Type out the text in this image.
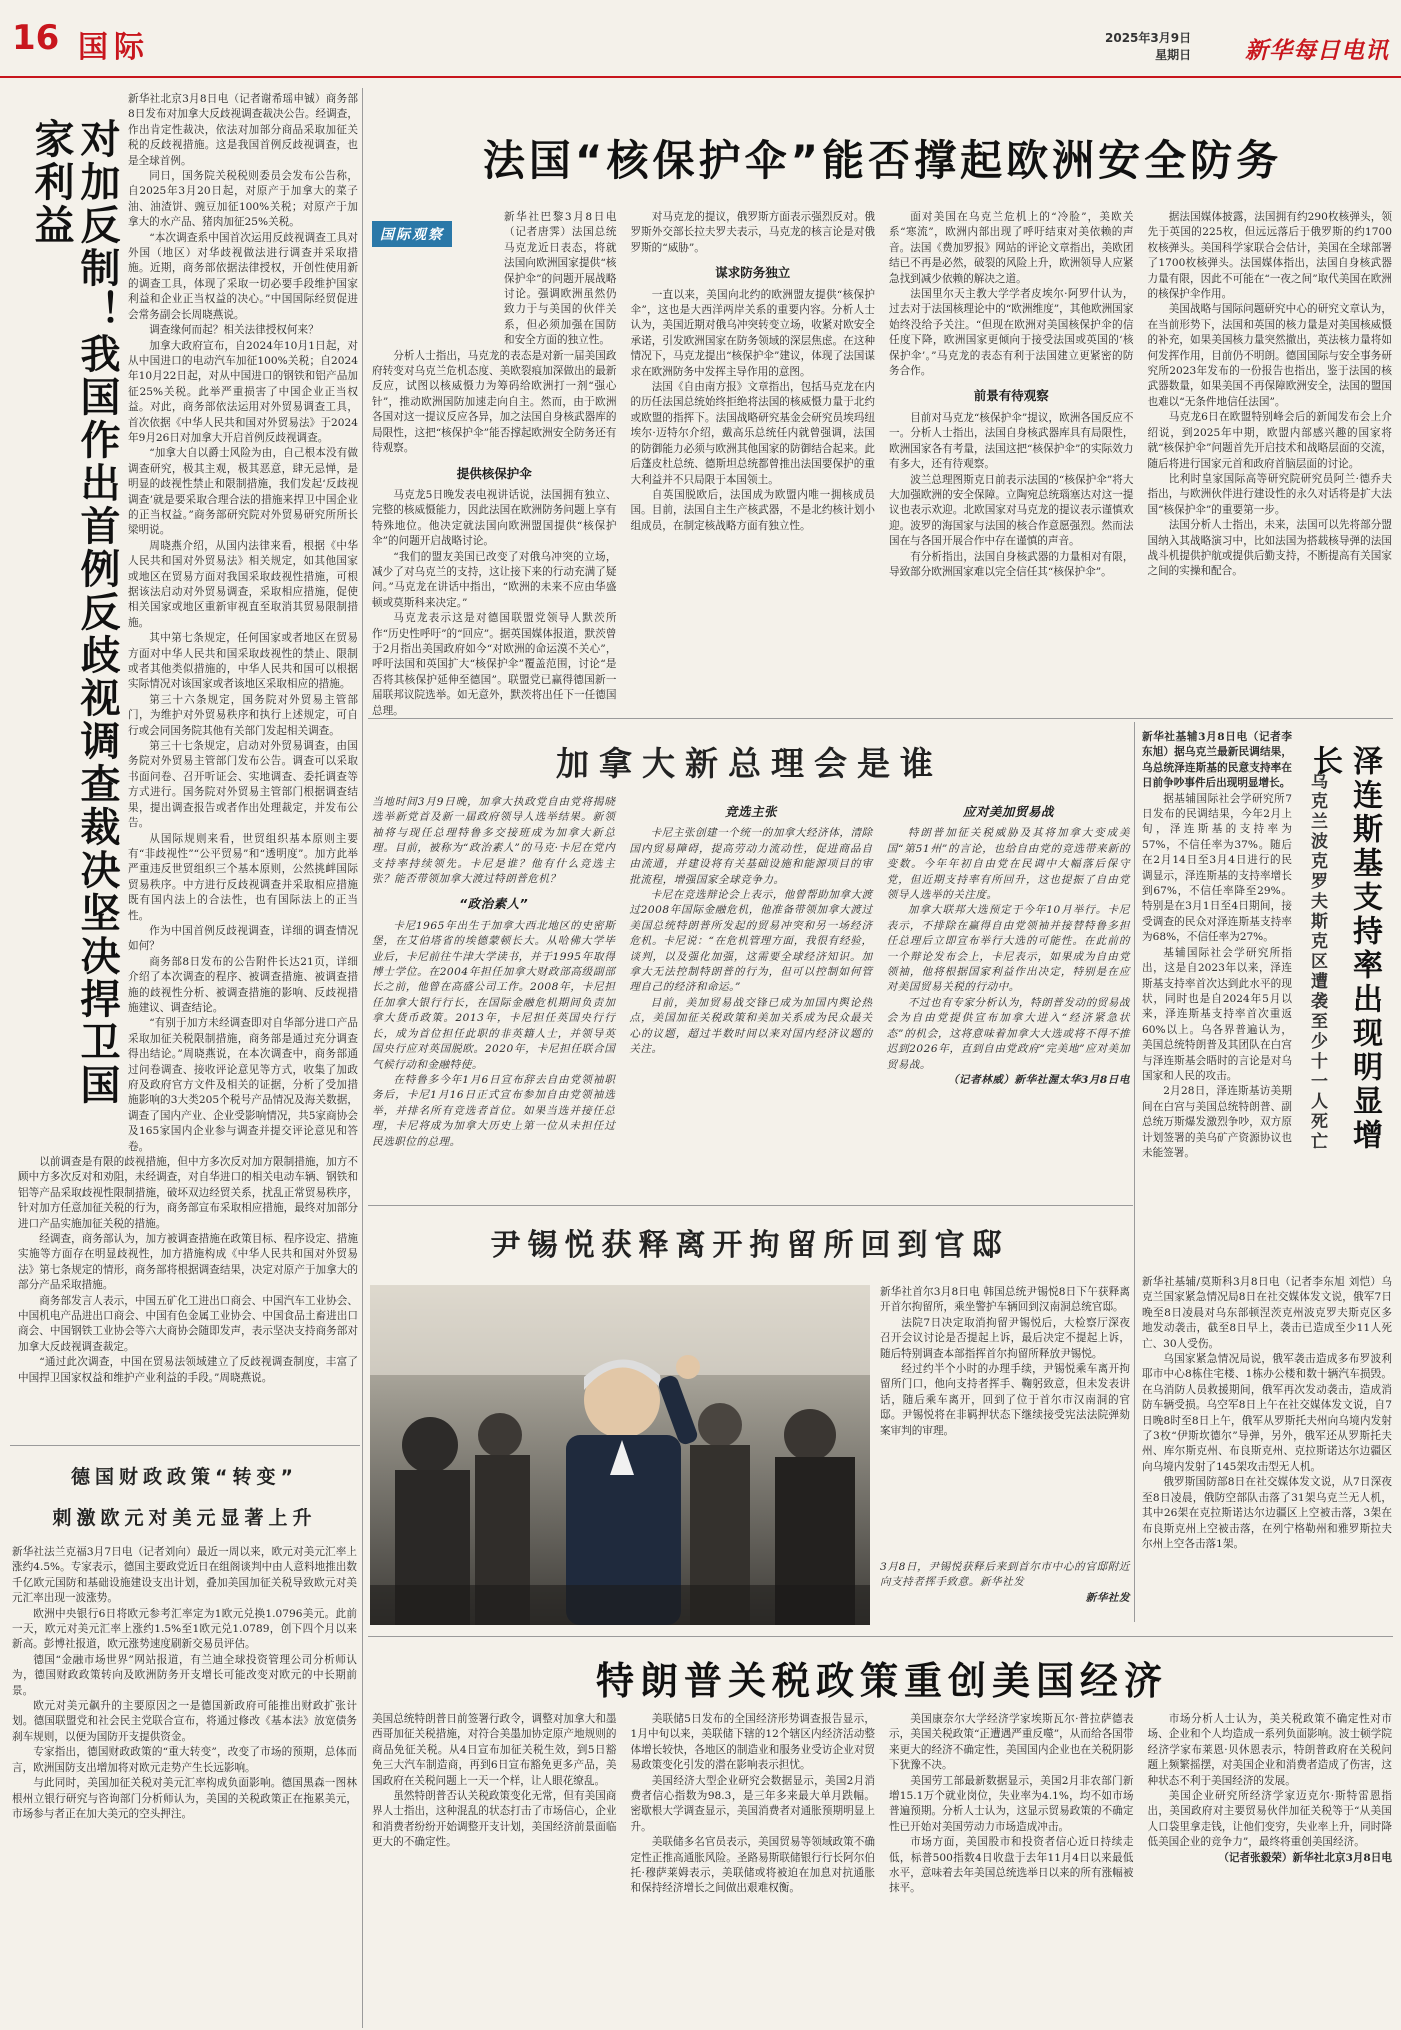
16 国际	2025年3月9日
星期日 新华每日电讯
对加反制！我国作出首例反歧视调查裁决坚决捍卫国家利益

新华社北京3月8日电（记者谢希瑶申铖）商务部8日发布对加拿大反歧视调查裁决公告。经调查，作出肯定性裁决，依法对加部分商品采取加征关税的反歧视措施。这是我国首例反歧视调查，也是全球首例。

同日，国务院关税税则委员会发布公告称，自2025年3月20日起，对原产于加拿大的菜子油、油渣饼、豌豆加征100%关税；对原产于加拿大的水产品、猪肉加征25%关税。

“本次调查系中国首次运用反歧视调查工具对外国（地区）对华歧视做法进行调查并采取措施。近期，商务部依据法律授权，开创性使用新的调查工具，体现了采取一切必要手段维护国家利益和企业正当权益的决心。”中国国际经贸促进会常务副会长周晓燕说。

调查缘何而起？相关法律授权何来？

加拿大政府宣布，自2024年10月1日起，对从中国进口的电动汽车加征100%关税；自2024年10月22日起，对从中国进口的钢铁和铝产品加征25%关税。此举严重损害了中国企业正当权益。对此，商务部依法运用对外贸易调查工具，首次依据《中华人民共和国对外贸易法》于2024年9月26日对加拿大开启首例反歧视调查。

“加拿大自以爵士风险为由，自己根本没有做调查研究，极其主观，极其恶意，肆无忌惮，是明显的歧视性禁止和限制措施，我们发起‘反歧视调查’就是要采取合理合法的措施来捍卫中国企业的正当权益。”商务部研究院对外贸易研究所所长梁明说。

周晓燕介绍，从国内法律来看，根据《中华人民共和国对外贸易法》相关规定，如其他国家或地区在贸易方面对我国采取歧视性措施，可根据该法启动对外贸易调查，采取相应措施，促使相关国家或地区重新审视直至取消其贸易限制措施。

其中第七条规定，任何国家或者地区在贸易方面对中华人民共和国采取歧视性的禁止、限制或者其他类似措施的，中华人民共和国可以根据实际情况对该国家或者该地区采取相应的措施。

第三十六条规定，国务院对外贸易主管部门，为维护对外贸易秩序和执行上述规定，可自行或会同国务院其他有关部门发起相关调查。

第三十七条规定，启动对外贸易调查，由国务院对外贸易主管部门发布公告。调查可以采取书面问卷、召开听证会、实地调查、委托调查等方式进行。国务院对外贸易主管部门根据调查结果，提出调查报告或者作出处理裁定，并发布公告。

从国际规则来看，世贸组织基本原则主要有“非歧视性”“公平贸易”和“透明度”。加方此举严重违反世贸组织三个基本原则，公然挑衅国际贸易秩序。中方进行反歧视调查并采取相应措施既有国内法上的合法性，也有国际法上的正当性。

作为中国首例反歧视调查，详细的调查情况如何？

商务部8日发布的公告附件长达21页，详细介绍了本次调查的程序、被调查措施、被调查措施的歧视性分析、被调查措施的影响、反歧视措施建议、调查结论。

“有别于加方未经调查即对自华部分进口产品采取加征关税限制措施，商务部是通过充分调查得出结论。”周晓燕说，在本次调查中，商务部通过问卷调查、接收评论意见等方式，收集了加政府及政府官方文件及相关的证据，分析了受加措施影响的3大类205个税号产品情况及海关数据，调查了国内产业、企业受影响情况，共5家商协会及165家国内企业参与调查并提交评论意见和答卷。

以前调查是有限的歧视措施，但中方多次反对加方限制措施，加方不顾中方多次反对和劝阻，未经调查，对自华进口的相关电动车辆、钢铁和铝等产品采取歧视性限制措施，破坏双边经贸关系，扰乱正常贸易秩序，针对加方任意加征关税的行为，商务部宣布采取相应措施，最终对加部分进口产品实施加征关税的措施。

经调查，商务部认为，加方被调查措施在政策目标、程序设定、措施实施等方面存在明显歧视性，加方措施构成《中华人民共和国对外贸易法》第七条规定的情形，商务部将根据调查结果，决定对原产于加拿大的部分产品采取措施。

商务部发言人表示，中国五矿化工进出口商会、中国汽车工业协会、中国机电产品进出口商会、中国有色金属工业协会、中国食品土畜进出口商会、中国钢铁工业协会等六大商协会随即发声，表示坚决支持商务部对加拿大反歧视调查裁定。

“通过此次调查，中国在贸易法领域建立了反歧视调查制度，丰富了中国捍卫国家权益和维护产业利益的手段。”周晓燕说。

德国财政政策“转变”
刺激欧元对美元显著上升

新华社法兰克福3月7日电（记者刘向）最近一周以来，欧元对美元汇率上涨约4.5%。专家表示，德国主要政党近日在组阁谈判中由人意料地推出数千亿欧元国防和基础设施建设支出计划，叠加美国加征关税导致欧元对美元汇率出现一波涨势。

欧洲中央银行6日将欧元参考汇率定为1欧元兑换1.0796美元。此前一天，欧元对美元汇率上涨约1.5%至1欧元兑1.0789，创下四个月以来新高。彭博社报道，欧元涨势速度刷新交易员评估。

德国“金融市场世界”网站报道，有兰迪全球投资管理公司分析师认为，德国财政政策转向及欧洲防务开支增长可能改变对欧元的中长期前景。

欧元对美元飙升的主要原因之一是德国新政府可能推出财政扩张计划。德国联盟党和社会民主党联合宣布，将通过修改《基本法》放宽债务刹车规则，以便为国防开支提供资金。

专家指出，德国财政政策的“重大转变”，改变了市场的预期，总体而言，欧洲国防支出增加将对欧元走势产生长远影响。

与此同时，美国加征关税对美元汇率构成负面影响。德国黑森一图林根州立银行研究与咨询部门分析师认为，美国的关税政策正在拖累美元，市场参与者正在加大美元的空头押注。

法国“核保护伞”能否撑起欧洲安全防务
国际观察

新华社巴黎3月8日电（记者唐霁）法国总统马克龙近日表态，将就法国向欧洲国家提供“核保护伞”的问题开展战略讨论。强调欧洲虽然仍致力于与美国的伙伴关系，但必须加强在国防和安全方面的独立性。

分析人士指出，马克龙的表态是对新一届美国政府转变对乌克兰危机态度、美欧裂痕加深做出的最新反应，试图以核威慑力为筹码给欧洲打一剂“强心针”，推动欧洲国防加速走向自主。然而，由于欧洲各国对这一提议反应各异，加之法国自身核武器库的局限性，这把“核保护伞”能否撑起欧洲安全防务还有待观察。

提供核保护伞

马克龙5日晚发表电视讲话说，法国拥有独立、完整的核威慑能力，因此法国在欧洲防务问题上享有特殊地位。他决定就法国向欧洲盟国提供“核保护伞”的问题开启战略讨论。

“我们的盟友美国已改变了对俄乌冲突的立场，减少了对乌克兰的支持，这让接下来的行动充满了疑问。”马克龙在讲话中指出，“欧洲的未来不应由华盛顿或莫斯科来决定。”

马克龙表示这是对德国联盟党领导人默茨所作“历史性呼吁”的“回应”。据英国媒体报道，默茨曾于2月指出美国政府如今“对欧洲的命运漠不关心”，呼吁法国和英国扩大“核保护伞”覆盖范围，讨论“是否将其核保护延伸至德国”。联盟党已赢得德国新一届联邦议院选举。如无意外，默茨将出任下一任德国总理。

对马克龙的提议，俄罗斯方面表示强烈反对。俄罗斯外交部长拉夫罗夫表示，马克龙的核言论是对俄罗斯的“威胁”。

谋求防务独立

一直以来，美国向北约的欧洲盟友提供“核保护伞”，这也是大西洋两岸关系的重要内容。分析人士认为，美国近期对俄乌冲突转变立场，收紧对欧安全承诺，引发欧洲国家在防务领域的深层焦虑。在这种情况下，马克龙提出“核保护伞”建议，体现了法国谋求在欧洲防务中发挥主导作用的意图。

法国《自由南方报》文章指出，包括马克龙在内的历任法国总统始终拒绝将法国的核威慑力量于北约或欧盟的指挥下。法国战略研究基金会研究员埃玛纽埃尔·迈特尔介绍，戴高乐总统任内就曾强调，法国的防御能力必须与欧洲其他国家的防御结合起来。此后蓬皮杜总统、德斯坦总统都曾推出法国要保护的重大利益并不只局限于本国领土。

自英国脱欧后，法国成为欧盟内唯一拥核成员国。目前，法国自主生产核武器，不是北约核计划小组成员，在制定核战略方面有独立性。

面对美国在乌克兰危机上的“冷脸”，美欧关系“寒流”，欧洲内部出现了呼吁结束对美依赖的声音。法国《费加罗报》网站的评论文章指出，美欧团结已不再是必然，破裂的风险上升，欧洲领导人应紧急找到减少依赖的解决之道。

法国里尔天主教大学学者皮埃尔·阿罗什认为，过去对于法国核理论中的“欧洲维度”，其他欧洲国家始终没给予关注。“但现在欧洲对美国核保护伞的信任度下降，欧洲国家更倾向于接受法国或英国的‘核保护伞’。”马克龙的表态有利于法国建立更紧密的防务合作。

前景有待观察

目前对马克龙“核保护伞”提议，欧洲各国反应不一。分析人士指出，法国自身核武器库具有局限性，欧洲国家各有考量，法国这把“核保护伞”的实际效力有多大，还有待观察。

波兰总理图斯克日前表示法国的“核保护伞”将大大加强欧洲的安全保障。立陶宛总统瑙塞达对这一提议也表示欢迎。北欧国家对马克龙的提议表示谨慎欢迎。波罗的海国家与法国的核合作意愿强烈。然而法国在与各国开展合作中存在谨慎的声音。

有分析指出，法国自身核武器的力量相对有限，导致部分欧洲国家难以完全信任其“核保护伞”。

据法国媒体披露，法国拥有约290枚核弹头，领先于英国的225枚，但远远落后于俄罗斯的约1700枚核弹头。美国科学家联合会估计，美国在全球部署了1700枚核弹头。法国媒体指出，法国自身核武器力量有限，因此不可能在“一夜之间”取代美国在欧洲的核保护伞作用。

美国战略与国际问题研究中心的研究文章认为，在当前形势下，法国和英国的核力量是对美国核威慑的补充，如果美国核力量突然撤出，英法核力量将如何发挥作用，目前仍不明朗。德国国际与安全事务研究所2023年发布的一份报告也指出，鉴于法国的核武器数量，如果美国不再保障欧洲安全，法国的盟国也难以“无条件地信任法国”。

马克龙6日在欧盟特别峰会后的新闻发布会上介绍说，到2025年中期，欧盟内部感兴趣的国家将就“核保护伞”问题首先开启技术和战略层面的交流，随后将进行国家元首和政府首脑层面的讨论。

比利时皇家国际高等研究院研究员阿兰·德乔夫指出，与欧洲伙伴进行建设性的永久对话将是扩大法国“核保护伞”的重要第一步。

法国分析人士指出，未来，法国可以先将部分盟国纳入其战略演习中，比如法国为搭载核导弹的法国战斗机提供护航或提供后勤支持，不断提高有关国家之间的实操和配合。

加拿大新总理会是谁

当地时间3月9日晚，加拿大执政党自由党将揭晓选举新党首及新一届政府领导人选举结果。新领袖将与现任总理特鲁多交接班成为加拿大新总理。目前，被称为“政治素人”的马克·卡尼在党内支持率持续领先。卡尼是谁？他有什么竞选主张？能否带领加拿大渡过特朗普危机？

“政治素人”

卡尼1965年出生于加拿大西北地区的史密斯堡，在艾伯塔省的埃德蒙顿长大。从哈佛大学毕业后，卡尼前往牛津大学读书，并于1995年取得博士学位。在2004年担任加拿大财政部高级副部长之前，他曾在高盛公司工作。2008年，卡尼担任加拿大银行行长，在国际金融危机期间负责加拿大货币政策。2013年，卡尼担任英国央行行长，成为首位担任此职的非英籍人士，并领导英国央行应对英国脱欧。2020年，卡尼担任联合国气候行动和金融特使。

在特鲁多今年1月6日宣布辞去自由党领袖职务后，卡尼1月16日正式宣布参加自由党领袖选举，并排名所有竞选者首位。如果当选并接任总理，卡尼将成为加拿大历史上第一位从未担任过民选职位的总理。

竞选主张

卡尼主张创建一个统一的加拿大经济体，清除国内贸易障碍，提高劳动力流动性，促进商品自由流通，并建设将有关基础设施和能源项目的审批流程，增强国家全球竞争力。

卡尼在竞选辩论会上表示，他曾帮助加拿大渡过2008年国际金融危机，他准备带领加拿大渡过美国总统特朗普所发起的贸易冲突和另一场经济危机。卡尼说：“在危机管理方面，我很有经验，谈判，以及强化加强，这需要全球经济知识。加拿大无法控制特朗普的行为，但可以控制如何管理自己的经济和命运。”

目前，美加贸易战交锋已成为加国内舆论热点，美国加征关税政策和美加关系成为民众最关心的议题，超过半数时间以来对国内经济议题的关注。

应对美加贸易战

特朗普加征关税威胁及其将加拿大变成美国“第51州”的言论，也给自由党的竞选带来新的变数。今年年初自由党在民调中大幅落后保守党，但近期支持率有所回升，这也提振了自由党领导人选举的关注度。

加拿大联邦大选预定于今年10月举行。卡尼表示，不排除在赢得自由党领袖并接替特鲁多担任总理后立即宣布举行大选的可能性。在此前的一个辩论发布会上，卡尼表示，如果成为自由党领袖，他将根据国家利益作出决定，特别是在应对美国贸易关税的行动中。

不过也有专家分析认为，特朗普发动的贸易战会为自由党提供宣布加拿大进入“经济紧急状态”的机会，这将意味着加拿大大选或将不得不推迟到2026年，直到自由党政府“完美地”应对美加贸易战。

（记者林威）新华社渥太华3月8日电	泽连斯基支持率出现明显增长
乌克兰波克罗夫斯克区遭袭至少十一人死亡

新华社基辅3月8日电（记者李东旭）据乌克兰最新民调结果，乌总统泽连斯基的民意支持率在日前争吵事件后出现明显增长。

据基辅国际社会学研究所7日发布的民调结果，今年2月上旬，泽连斯基的支持率为57%，不信任率为37%。随后在2月14日至3月4日进行的民调显示，泽连斯基的支持率增长到67%，不信任率降至29%。特别是在3月1日至4日期间，接受调查的民众对泽连斯基支持率为68%，不信任率为27%。

基辅国际社会学研究所指出，这是自2023年以来，泽连斯基支持率首次达到此水平的现状，同时也是自2024年5月以来，泽连斯基支持率首次重返60%以上。乌各界普遍认为，美国总统特朗普及其团队在白宫与泽连斯基会晤时的言论是对乌国家和人民的攻击。

2月28日，泽连斯基访美期间在白宫与美国总统特朗普、副总统万斯爆发激烈争吵，双方原计划签署的美乌矿产资源协议也未能签署。

新华社基辅/莫斯科3月8日电（记者李东旭 刘恺）乌克兰国家紧急情况局8日在社交媒体发文说，俄军7日晚至8日凌晨对乌东部顿涅茨克州波克罗夫斯克区多地发动袭击，截至8日早上，袭击已造成至少11人死亡、30人受伤。

乌国家紧急情况局说，俄军袭击造成多布罗波利耶市中心8栋住宅楼、1栋办公楼和数十辆汽车损毁。在乌消防人员救援期间，俄军再次发动袭击，造成消防车辆受损。乌空军8日上午在社交媒体发文说，自7日晚8时至8日上午，俄军从罗斯托夫州向乌境内发射了3枚“伊斯坎德尔”导弹，另外，俄军还从罗斯托夫州、库尔斯克州、布良斯克州、克拉斯诺达尔边疆区向乌境内发射了145架攻击型无人机。

俄罗斯国防部8日在社交媒体发文说，从7日深夜至8日凌晨，俄防空部队击落了31架乌克兰无人机，其中26架在克拉斯诺达尔边疆区上空被击落，3架在布良斯克州上空被击落，在列宁格勒州和雅罗斯拉夫尔州上空各击落1架。

尹锡悦获释离开拘留所回到官邸

新华社首尔3月8日电 韩国总统尹锡悦8日下午获释离开首尔拘留所，乘坐警护车辆回到汉南洞总统官邸。

法院7日决定取消拘留尹锡悦后，大检察厅深夜召开会议讨论是否提起上诉，最后决定不提起上诉，随后特别调查本部指挥首尔拘留所释放尹锡悦。

经过约半个小时的办理手续，尹锡悦乘车离开拘留所门口，他向支持者挥手、鞠躬致意，但未发表讲话，随后乘车离开，回到了位于首尔市汉南洞的官邸。尹锡悦将在非羁押状态下继续接受宪法法院弹劾案审判的审理。

3月8日，尹锡悦获释后来到首尔市中心的官邸附近向支持者挥手致意。新华社发

新华社发

特朗普关税政策重创美国经济

美国总统特朗普日前签署行政令，调整对加拿大和墨西哥加征关税措施，对符合美墨加协定原产地规则的商品免征关税。从4日宣布加征关税生效，到5日豁免三大汽车制造商，再到6日宣布豁免更多产品，美国政府在关税问题上一天一个样，让人眼花缭乱。

虽然特朗普否认关税政策变化无常，但有美国商界人士指出，这种混乱的状态打击了市场信心，企业和消费者纷纷开始调整开支计划，美国经济前景面临更大的不确定性。

美联储5日发布的全国经济形势调查报告显示，1月中旬以来，美联储下辖的12个辖区内经济活动整体增长较快，各地区的制造业和服务业受访企业对贸易政策变化引发的潜在影响表示担忧。

美国经济大型企业研究会数据显示，美国2月消费者信心指数为98.3，是三年多来最大单月跌幅。密歇根大学调查显示，美国消费者对通胀预期明显上升。

美联储多名官员表示，美国贸易等领域政策不确定性正推高通胀风险。圣路易斯联储银行行长阿尔伯托·穆萨莱姆表示，美联储或将被迫在加息对抗通胀和保持经济增长之间做出艰难权衡。

美国康奈尔大学经济学家埃斯瓦尔·普拉萨德表示，美国关税政策“正遭遇严重反噬”，从而给各国带来更大的经济不确定性，美国国内企业也在关税阴影下犹豫不决。

美国劳工部最新数据显示，美国2月非农部门新增15.1万个就业岗位，失业率为4.1%，均不如市场普遍预期。分析人士认为，这显示贸易政策的不确定性已开始对美国劳动力市场造成冲击。

市场方面，美国股市和投资者信心近日持续走低，标普500指数4日收盘于去年11月4日以来最低水平，意味着去年美国总统选举日以来的所有涨幅被抹平。

市场分析人士认为，美关税政策不确定性对市场、企业和个人均造成一系列负面影响。波士顿学院经济学家布莱恩·贝休恩表示，特朗普政府在关税问题上频繁摇摆，对美国企业和消费者造成了伤害，这种状态不利于美国经济的发展。

美国企业研究所经济学家迈克尔·斯特雷恩指出，美国政府对主要贸易伙伴加征关税等于“从美国人口袋里拿走钱，让他们变穷，失业率上升，同时降低美国企业的竞争力”，最终将重创美国经济。

（记者张毅荣）新华社北京3月8日电
